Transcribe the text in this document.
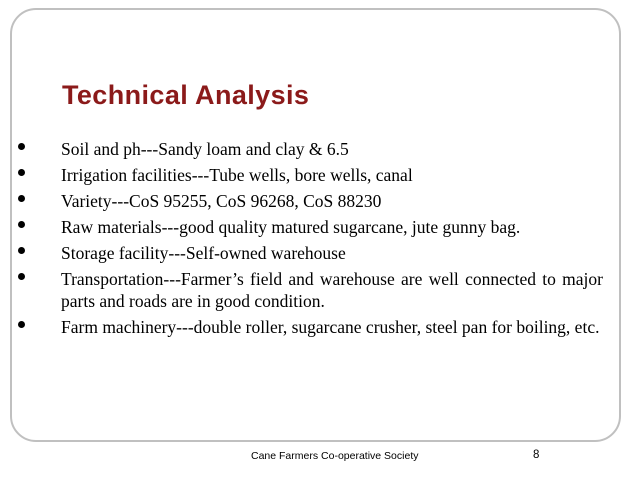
Technical Analysis
Soil and ph---Sandy loam and clay & 6.5
Irrigation facilities---Tube wells, bore wells, canal
Variety---CoS 95255, CoS 96268, CoS 88230
Raw materials---good quality matured sugarcane, jute gunny bag.
Storage facility---Self-owned warehouse
Transportation---Farmer’s field and warehouse are well connected to major parts and roads are in good condition.
Farm machinery---double roller, sugarcane crusher, steel pan for boiling, etc.
Cane Farmers Co-operative Society	8
